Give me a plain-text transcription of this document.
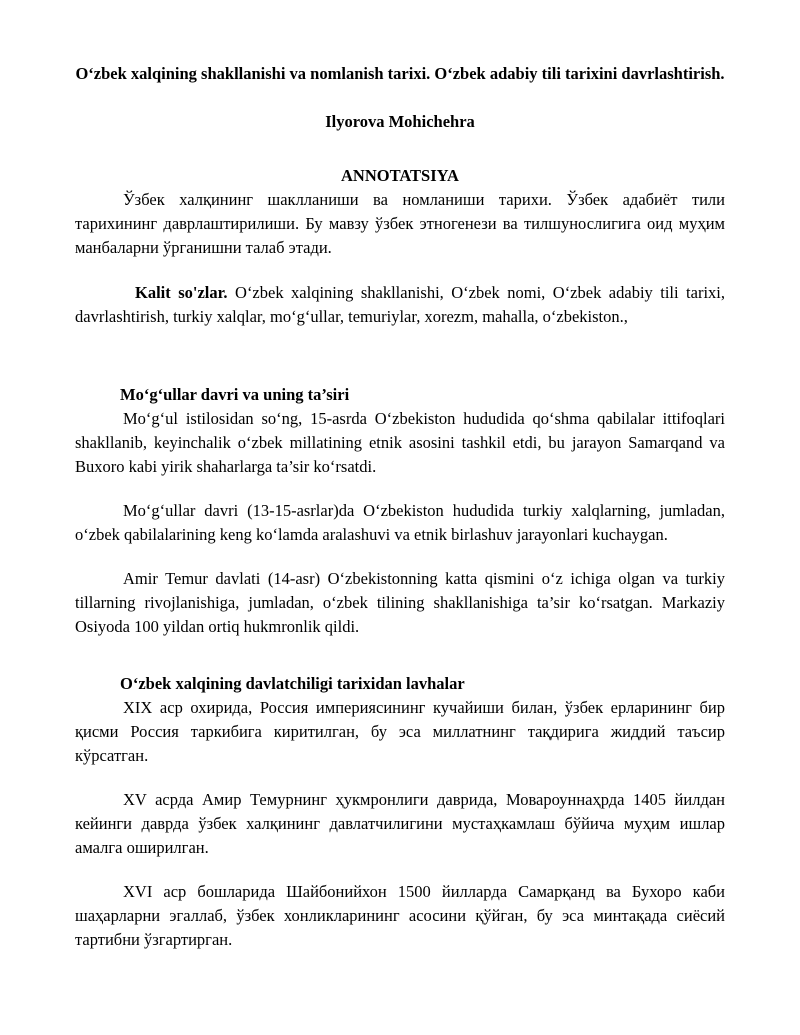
O‘zbek xalqining shakllanishi va nomlanish tarixi. O‘zbek adabiy tili tarixini davrlashtirish.
Ilyorova Mohichehra
ANNOTATSIYA

Ўзбек халқининг шаклланиши ва номланиши тарихи. Ўзбек адабиёт тили тарихининг даврлаштирилиши. Бу мавзу ўзбек этногенези ва тилшунослигига оид муҳим манбаларни ўрганишни талаб этади.

Kalit so'zlar. O‘zbek xalqining shakllanishi, O‘zbek nomi, O‘zbek adabiy tili tarixi, davrlashtirish, turkiy xalqlar, mo‘g‘ullar, temuriylar, xorezm, mahalla, o‘zbekiston.,

Mo‘g‘ullar davri va uning ta’siri

Mo‘g‘ul istilosidan so‘ng, 15-asrda O‘zbekiston hududida qo‘shma qabilalar ittifoqlari shakllanib, keyinchalik o‘zbek millatining etnik asosini tashkil etdi, bu jarayon Samarqand va Buxoro kabi yirik shaharlarga ta’sir ko‘rsatdi.

Mo‘g‘ullar davri (13-15-asrlar)da O‘zbekiston hududida turkiy xalqlarning, jumladan, o‘zbek qabilalarining keng ko‘lamda aralashuvi va etnik birlashuv jarayonlari kuchaygan.

Amir Temur davlati (14-asr) O‘zbekistonning katta qismini o‘z ichiga olgan va turkiy tillarning rivojlanishiga, jumladan, o‘zbek tilining shakllanishiga ta’sir ko‘rsatgan. Markaziy Osiyoda 100 yildan ortiq hukmronlik qildi.

O‘zbek xalqining davlatchiligi tarixidan lavhalar

XIX аср охирида, Россия империясининг кучайиши билан, ўзбек ерларининг бир қисми Россия таркибига киритилган, бу эса миллатнинг тақдирига жиддий таъсир кўрсатган.

XV асрда Амир Темурнинг ҳукмронлиги даврида, Мовароуннаҳрда 1405 йилдан кейинги даврда ўзбек халқининг давлатчилигини мустаҳкамлаш бўйича муҳим ишлар амалга оширилган.

XVI аср бошларида Шайбонийхон 1500 йилларда Самарқанд ва Бухоро каби шаҳарларни эгаллаб, ўзбек хонликларининг асосини қўйган, бу эса минтақада сиёсий тартибни ўзгартирган.
